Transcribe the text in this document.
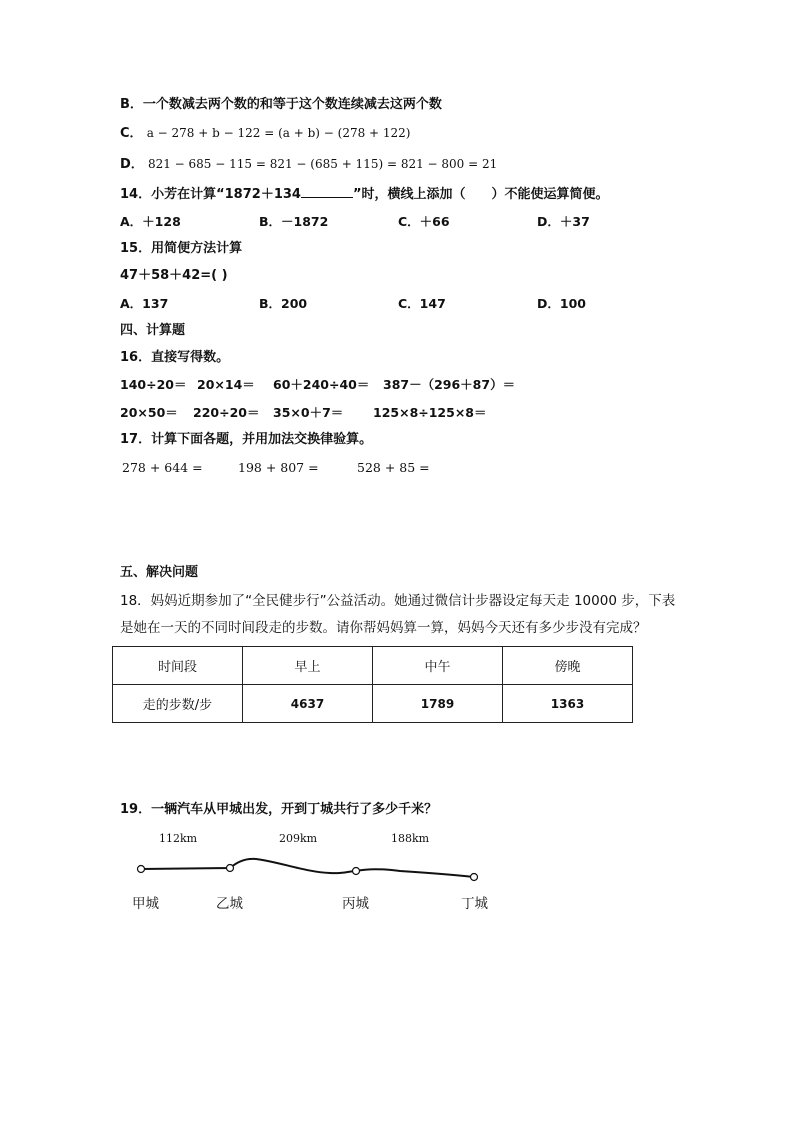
B．一个数减去两个数的和等于这个数连续减去这两个数
C． a − 278 + b − 122 = (a + b) − (278 + 122)
D． 821 − 685 − 115 = 821 − (685 + 115) = 821 − 800 = 21
14．小芳在计算“1872＋134	”时，横线上添加（　　）不能使运算简便。
A．＋128	B．－1872	C．＋66	D．＋37
15．用简便方法计算
47＋58＋42=( )
A．137	B．200	C．147	D．100
四、计算题
16．直接写得数。
140÷20＝ 20×14＝ 60＋240÷40＝ 387－（296＋87）＝
20×50＝ 220÷20＝ 35×0＋7＝ 125×8÷125×8＝
17．计算下面各题，并用加法交换律验算。
278 + 644 =	198 + 807 =	528 + 85 =
五、解决问题
18．妈妈近期参加了“全民健步行”公益活动。她通过微信计步器设定每天走 10000 步，下表
是她在一天的不同时间段走的步数。请你帮妈妈算一算，妈妈今天还有多少步没有完成？
时间段	早上	中午	傍晚
走的步数/步	4637	1789	1363
19．一辆汽车从甲城出发，开到丁城共行了多少千米？
112km	209km	188km
甲城	乙城	丙城	丁城
